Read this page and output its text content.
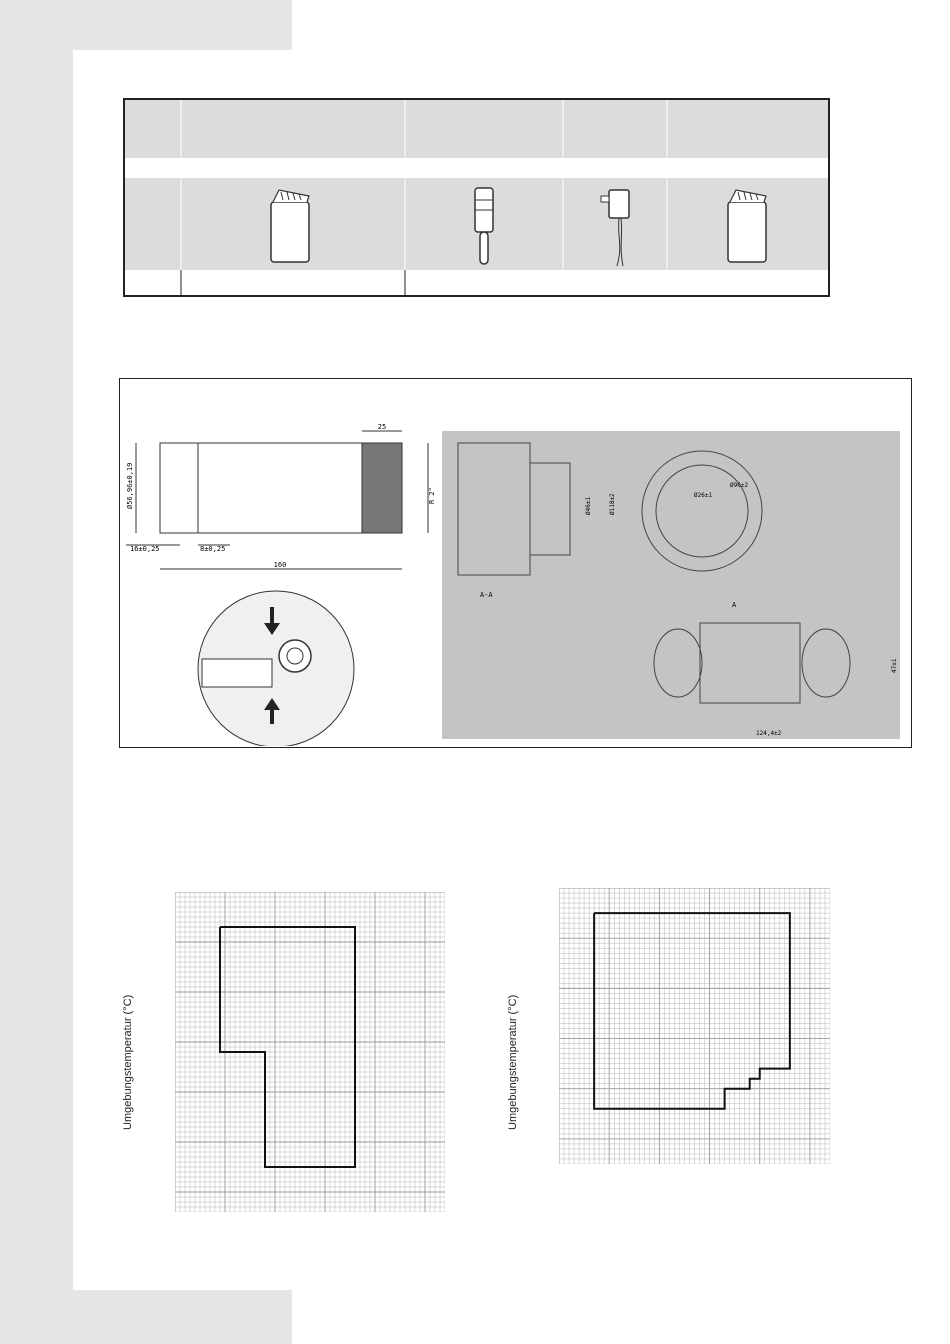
25
Ø56,96±0,19	R 2"
16±0,25	8±0,25
160
A-A
A
Ø46±1	Ø118±2	Ø26±1
Ø96±2
47±1
124,4±2
Umgebungstemperatur (°C)	Umgebungstemperatur (°C)
